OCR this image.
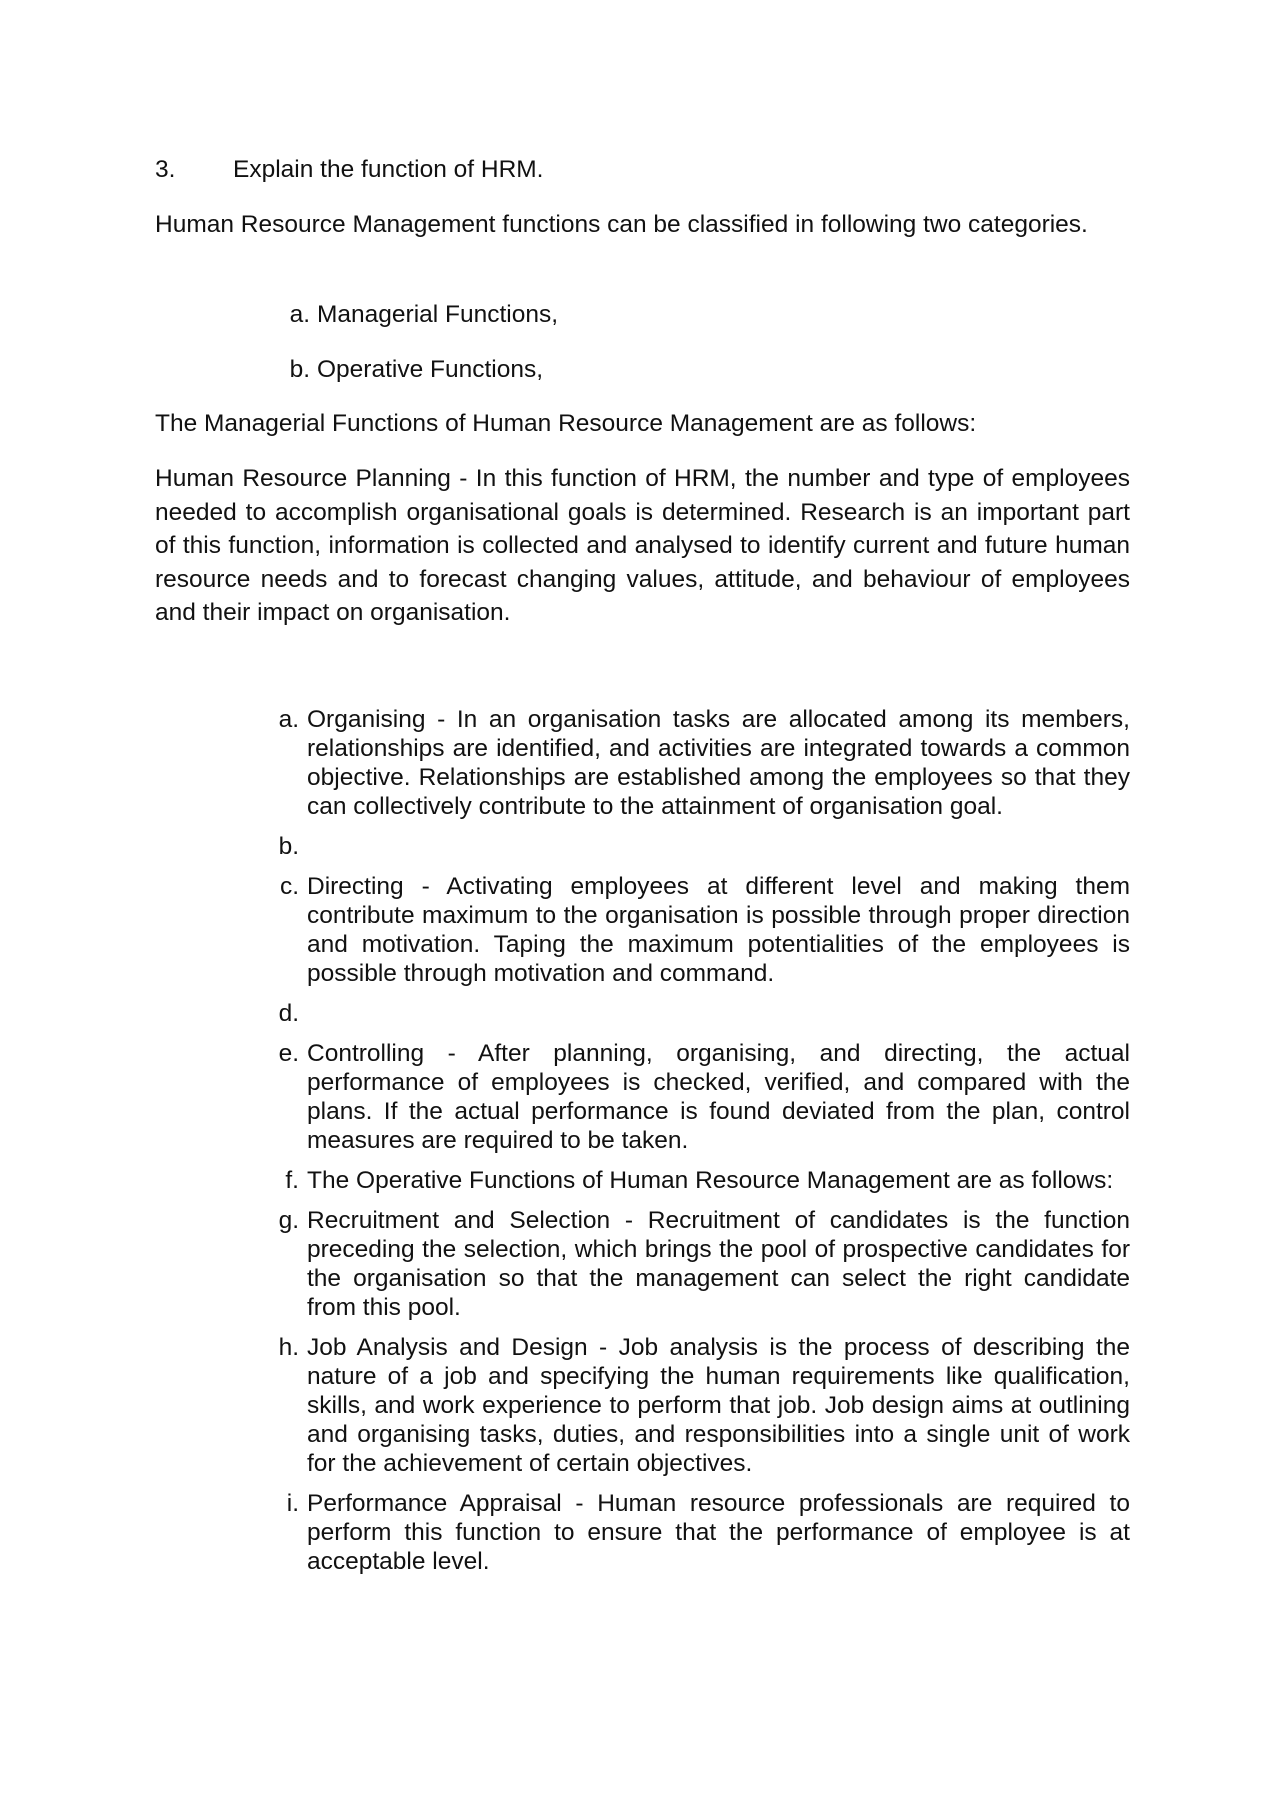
3. Explain the function of HRM.

Human Resource Management functions can be classified in following two categories.

a. Managerial Functions,
b. Operative Functions,
The Managerial Functions of Human Resource Management are as follows:

Human Resource Planning - In this function of HRM, the number and type of employees needed to accomplish organisational goals is determined. Research is an important part of this function, information is collected and analysed to identify current and future human resource needs and to forecast changing values, attitude, and behaviour of employees and their impact on organisation.

a. Organising - In an organisation tasks are allocated among its members, relationships are identified, and activities are integrated towards a common objective. Relationships are established among the employees so that they can collectively contribute to the attainment of organisation goal.
b.
c. Directing - Activating employees at different level and making them contribute maximum to the organisation is possible through proper direction and motivation. Taping the maximum potentialities of the employees is possible through motivation and command.
d.
e. Controlling - After planning, organising, and directing, the actual performance of employees is checked, verified, and compared with the plans. If the actual performance is found deviated from the plan, control measures are required to be taken.
f. The Operative Functions of Human Resource Management are as follows:
g. Recruitment and Selection - Recruitment of candidates is the function preceding the selection, which brings the pool of prospective candidates for the organisation so that the management can select the right candidate from this pool.
h. Job Analysis and Design - Job analysis is the process of describing the nature of a job and specifying the human requirements like qualification, skills, and work experience to perform that job. Job design aims at outlining and organising tasks, duties, and responsibilities into a single unit of work for the achievement of certain objectives.
i. Performance Appraisal - Human resource professionals are required to perform this function to ensure that the performance of employee is at acceptable level.
